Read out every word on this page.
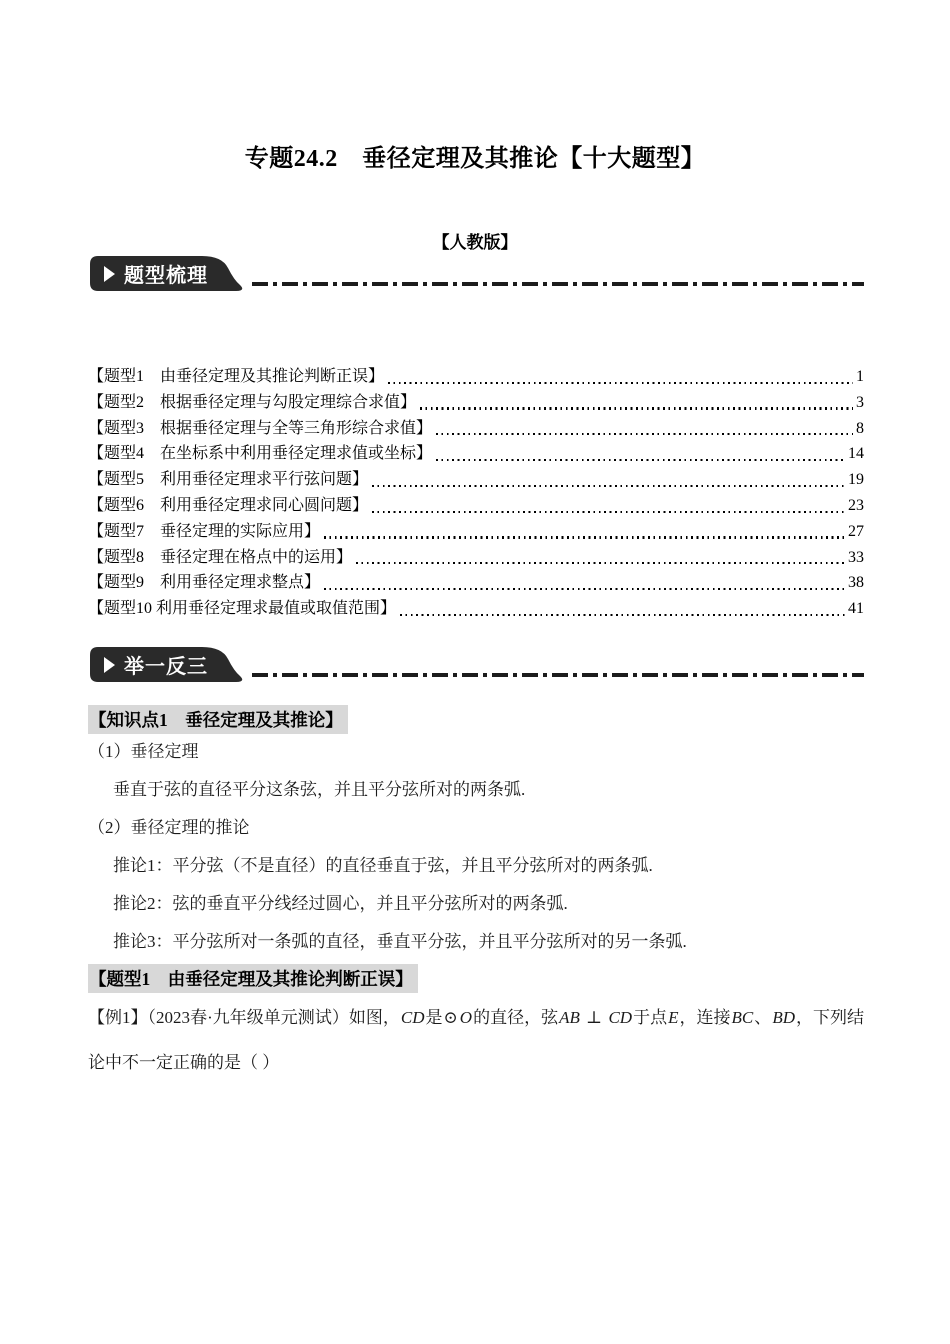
专题24.2　垂径定理及其推论【十大题型】
【人教版】
题型梳理
【题型1　由垂径定理及其推论判断正误】	1
【题型2　根据垂径定理与勾股定理综合求值】	3
【题型3　根据垂径定理与全等三角形综合求值】	8
【题型4　在坐标系中利用垂径定理求值或坐标】	14
【题型5　利用垂径定理求平行弦问题】	19
【题型6　利用垂径定理求同心圆问题】	23
【题型7　垂径定理的实际应用】	27
【题型8　垂径定理在格点中的运用】	33
【题型9　利用垂径定理求整点】	38
【题型10 利用垂径定理求最值或取值范围】	41
举一反三
【知识点1　垂径定理及其推论】
（1）垂径定理
垂直于弦的直径平分这条弦，并且平分弦所对的两条弧.
（2）垂径定理的推论
推论1：平分弦（不是直径）的直径垂直于弦，并且平分弦所对的两条弧.
推论2：弦的垂直平分线经过圆心，并且平分弦所对的两条弧.
推论3：平分弦所对一条弧的直径，垂直平分弦，并且平分弦所对的另一条弧.
【题型1　由垂径定理及其推论判断正误】

【例1】（2023春·九年级单元测试）如图，CD是⊙ O的直径，弦AB ⊥ CD于点E，连接BC、BD，下列结论中不一定正确的是（ ）
